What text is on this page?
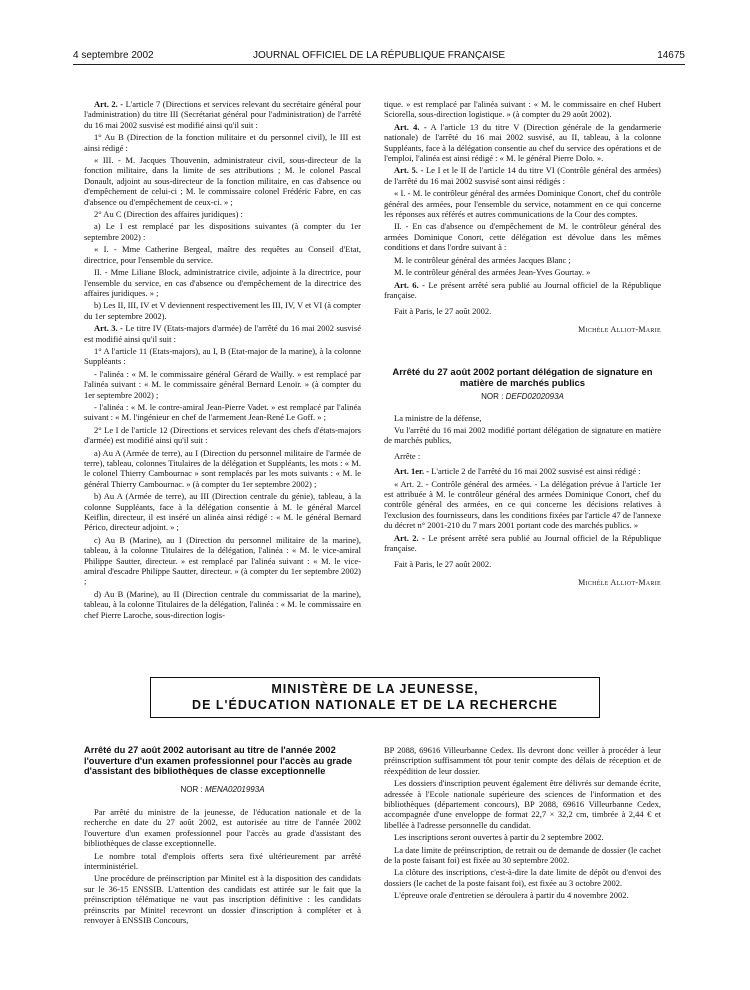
4 septembre 2002	JOURNAL OFFICIEL DE LA RÉPUBLIQUE FRANÇAISE	14675

Art. 2. - L'article 7 (Directions et services relevant du secrétaire général pour l'administration) du titre III (Secrétariat général pour l'administration) de l'arrêté du 16 mai 2002 susvisé est modifié ainsi qu'il suit :

1° Au B (Direction de la fonction militaire et du personnel civil), le III est ainsi rédigé :

« III. - M. Jacques Thouvenin, administrateur civil, sous-directeur de la fonction militaire, dans la limite de ses attributions ; M. le colonel Pascal Donault, adjoint au sous-directeur de la fonction militaire, en cas d'absence ou d'empêchement de celui-ci ; M. le commissaire colonel Frédéric Fabre, en cas d'absence ou d'empêchement de ceux-ci. » ;

2° Au C (Direction des affaires juridiques) :

a) Le I est remplacé par les dispositions suivantes (à compter du 1er septembre 2002) :

« I. - Mme Catherine Bergeal, maître des requêtes au Conseil d'Etat, directrice, pour l'ensemble du service.

II. - Mme Liliane Block, administratrice civile, adjointe à la directrice, pour l'ensemble du service, en cas d'absence ou d'empêchement de la directrice des affaires juridiques. » ;

b) Les II, III, IV et V deviennent respectivement les III, IV, V et VI (à compter du 1er septembre 2002).

Art. 3. - Le titre IV (Etats-majors d'armée) de l'arrêté du 16 mai 2002 susvisé est modifié ainsi qu'il suit :

1° A l'article 11 (Etats-majors), au I, B (Etat-major de la marine), à la colonne Suppléants :

- l'alinéa : « M. le commissaire général Gérard de Wailly. » est remplacé par l'alinéa suivant : « M. le commissaire général Bernard Lenoir. » (à compter du 1er septembre 2002) ;

- l'alinéa : « M. le contre-amiral Jean-Pierre Vadet. » est remplacé par l'alinéa suivant : « M. l'ingénieur en chef de l'armement Jean-René Le Goff. » ;

2° Le I de l'article 12 (Directions et services relevant des chefs d'états-majors d'armée) est modifié ainsi qu'il suit :

a) Au A (Armée de terre), au I (Direction du personnel militaire de l'armée de terre), tableau, colonnes Titulaires de la délégation et Suppléants, les mots : « M. le colonel Thierry Cambournac » sont remplacés par les mots suivants : « M. le général Thierry Cambournac. » (à compter du 1er septembre 2002) ;

b) Au A (Armée de terre), au III (Direction centrale du génie), tableau, à la colonne Suppléants, face à la délégation consentie à M. le général Marcel Keiflin, directeur, il est inséré un alinéa ainsi rédigé : « M. le général Bernard Périco, directeur adjoint. » ;

c) Au B (Marine), au I (Direction du personnel militaire de la marine), tableau, à la colonne Titulaires de la délégation, l'alinéa : « M. le vice-amiral Philippe Sautter, directeur. » est remplacé par l'alinéa suivant : « M. le vice-amiral d'escadre Philippe Sautter, directeur. » (à compter du 1er septembre 2002) ;

d) Au B (Marine), au II (Direction centrale du commissariat de la marine), tableau, à la colonne Titulaires de la délégation, l'alinéa : « M. le commissaire en chef Pierre Laroche, sous-direction logis-

tique. » est remplacé par l'alinéa suivant : « M. le commissaire en chef Hubert Sciorella, sous-direction logistique. » (à compter du 29 août 2002).

Art. 4. - A l'article 13 du titre V (Direction générale de la gendarmerie nationale) de l'arrêté du 16 mai 2002 susvisé, au II, tableau, à la colonne Suppléants, face à la délégation consentie au chef du service des opérations et de l'emploi, l'alinéa est ainsi rédigé : « M. le général Pierre Dolo. ».

Art. 5. - Le I et le II de l'article 14 du titre VI (Contrôle général des armées) de l'arrêté du 16 mai 2002 susvisé sont ainsi rédigés :

« I. - M. le contrôleur général des armées Dominique Conort, chef du contrôle général des armées, pour l'ensemble du service, notamment en ce qui concerne les réponses aux référés et autres communications de la Cour des comptes.

II. - En cas d'absence ou d'empêchement de M. le contrôleur général des armées Dominique Conort, cette délégation est dévolue dans les mêmes conditions et dans l'ordre suivant à :

M. le contrôleur général des armées Jacques Blanc ;

M. le contrôleur général des armées Jean-Yves Gourtay. »

Art. 6. - Le présent arrêté sera publié au Journal officiel de la République française.

Fait à Paris, le 27 août 2002.

Michèle Alliot-Marie

Arrêté du 27 août 2002 portant délégation de signature en matière de marchés publics
NOR : DEFD0202093A

La ministre de la défense,

Vu l'arrêté du 16 mai 2002 modifié portant délégation de signature en matière de marchés publics,

Arrête :

Art. 1er. - L'article 2 de l'arrêté du 16 mai 2002 susvisé est ainsi rédigé :

« Art. 2. - Contrôle général des armées. - La délégation prévue à l'article 1er est attribuée à M. le contrôleur général des armées Dominique Conort, chef du contrôle général des armées, en ce qui concerne les décisions relatives à l'exclusion des fournisseurs, dans les conditions fixées par l'article 47 de l'annexe du décret n° 2001-210 du 7 mars 2001 portant code des marchés publics. »

Art. 2. - Le présent arrêté sera publié au Journal officiel de la République française.

Fait à Paris, le 27 août 2002.

Michèle Alliot-Marie

MINISTÈRE DE LA JEUNESSE,
DE L'ÉDUCATION NATIONALE ET DE LA RECHERCHE
Arrêté du 27 août 2002 autorisant au titre de l'année 2002 l'ouverture d'un examen professionnel pour l'accès au grade d'assistant des bibliothèques de classe exceptionnelle
NOR : MENA0201993A

Par arrêté du ministre de la jeunesse, de l'éducation nationale et de la recherche en date du 27 août 2002, est autorisée au titre de l'année 2002 l'ouverture d'un examen professionnel pour l'accès au grade d'assistant des bibliothèques de classe exceptionnelle.

Le nombre total d'emplois offerts sera fixé ultérieurement par arrêté interministériel.

Une procédure de préinscription par Minitel est à la disposition des candidats sur le 36-15 ENSSIB. L'attention des candidats est attirée sur le fait que la préinscription télématique ne vaut pas inscription définitive : les candidats préinscrits par Minitel recevront un dossier d'inscription à compléter et à renvoyer à ENSSIB Concours,

BP 2088, 69616 Villeurbanne Cedex. Ils devront donc veiller à procéder à leur préinscription suffisamment tôt pour tenir compte des délais de réception et de réexpédition de leur dossier.

Les dossiers d'inscription peuvent également être délivrés sur demande écrite, adressée à l'Ecole nationale supérieure des sciences de l'information et des bibliothèques (département concours), BP 2088, 69616 Villeurbanne Cedex, accompagnée d'une enveloppe de format 22,7 × 32,2 cm, timbrée à 2,44 € et libellée à l'adresse personnelle du candidat.

Les inscriptions seront ouvertes à partir du 2 septembre 2002.

La date limite de préinscription, de retrait ou de demande de dossier (le cachet de la poste faisant foi) est fixée au 30 septembre 2002.

La clôture des inscriptions, c'est-à-dire la date limite de dépôt ou d'envoi des dossiers (le cachet de la poste faisant foi), est fixée au 3 octobre 2002.

L'épreuve orale d'entretien se déroulera à partir du 4 novembre 2002.
